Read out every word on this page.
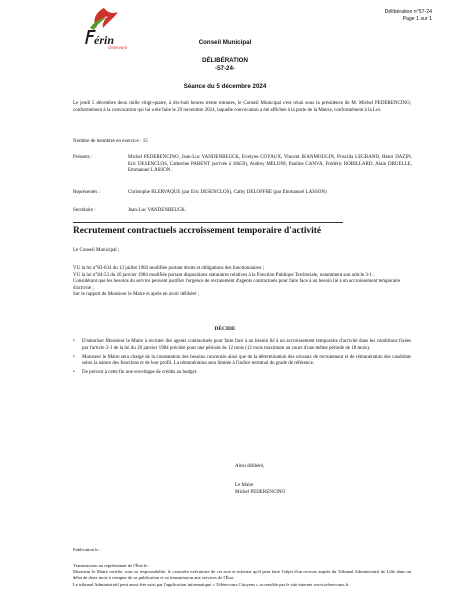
érin
Ostrevant
Délibération n°57-24
Page 1 sur 1
Conseil Municipal
DÉLIBÉRATION
-57-24-
Séance du 5 décembre 2024
Le jeudi 5 décembre deux mille vingt-quatre, à dix-huit heures trente minutes, le Conseil Municipal s'est réuni sous la présidence de M. Michel PEDERENCINO, conformément à la convocation qui lui a été faite le 29 novembre 2024, laquelle convocation a été affichée à la porte de la Mairie, conformément à la Loi.
Nombre de membres en exercice : 15
Présents :	Michel PEDERENCINO, Jean-Luc VANDENBEUCK, Evelyne COYAUX, Vincent JEANMOUGIN, Priscilla LEGRAND, Henri DAZIN, Eric DESENCLOS, Catherine PARENT (arrivée à 18h59), Audrey MELONI, Pauline CANVA, Frédéric ROBILLARD, Alain DRUELLE, Emmanuel LASSON.
Représentés :	Christophe BLERVAQUE (par Eric DESENCLOS), Cathy DELOFFRE (par Emmanuel LASSON)
Secrétaire :	Jean-Luc VANDENBEUCK.
Recrutement contractuels accroissement temporaire d'activité
Le Conseil Municipal ;
VU la loi n°83-634 du 13 juillet 1983 modifiée portant droits et obligations des fonctionnaires ;
VU la loi n°84-53 du 26 janvier 1984 modifiée portant dispositions statutaires relatives à la Fonction Publique Territoriale, notamment son article 3-1 ;
Considérant que les besoins du service peuvent justifier l'urgence de recrutement d'agents contractuels pour faire face à un besoin lié à un accroissement temporaire d'activité ;
Sur le rapport de Monsieur le Maire et après en avoir délibéré ;
DÉCIDE
• D'autoriser Monsieur le Maire à recruter des agents contractuels pour faire face à un besoin lié à un accroissement temporaire d'activité dans les conditions fixées par l'article 3-1 de la loi du 26 janvier 1984 précitée pour une période de 12 mois (12 mois maximum au cours d'une même période de 18 mois).
• Monsieur le Maire sera chargé de la constatation des besoins concernés ainsi que de la détermination des niveaux de recrutement et de rémunération des candidats selon la nature des fonctions et de leur profil. La rémunération sera limitée à l'indice terminal du grade de référence.
• De prévoir à cette fin une enveloppe de crédits au budget.
Ainsi délibéré,
Le Maire
Michel PEDERENCINO
Publication le :
Transmission au représentant de l'État le :
Monsieur le Maire certifie, sous sa responsabilité, le caractère exécutoire de cet acte et informe qu'il peut faire l'objet d'un recours auprès du Tribunal Administratif de Lille dans un délai de deux mois à compter de sa publication et sa transmission aux services de l'État.
Le tribunal Administratif peut aussi être saisi par l'application informatique « Télérecours Citoyens » accessible par le site internet www.telerecours.fr
